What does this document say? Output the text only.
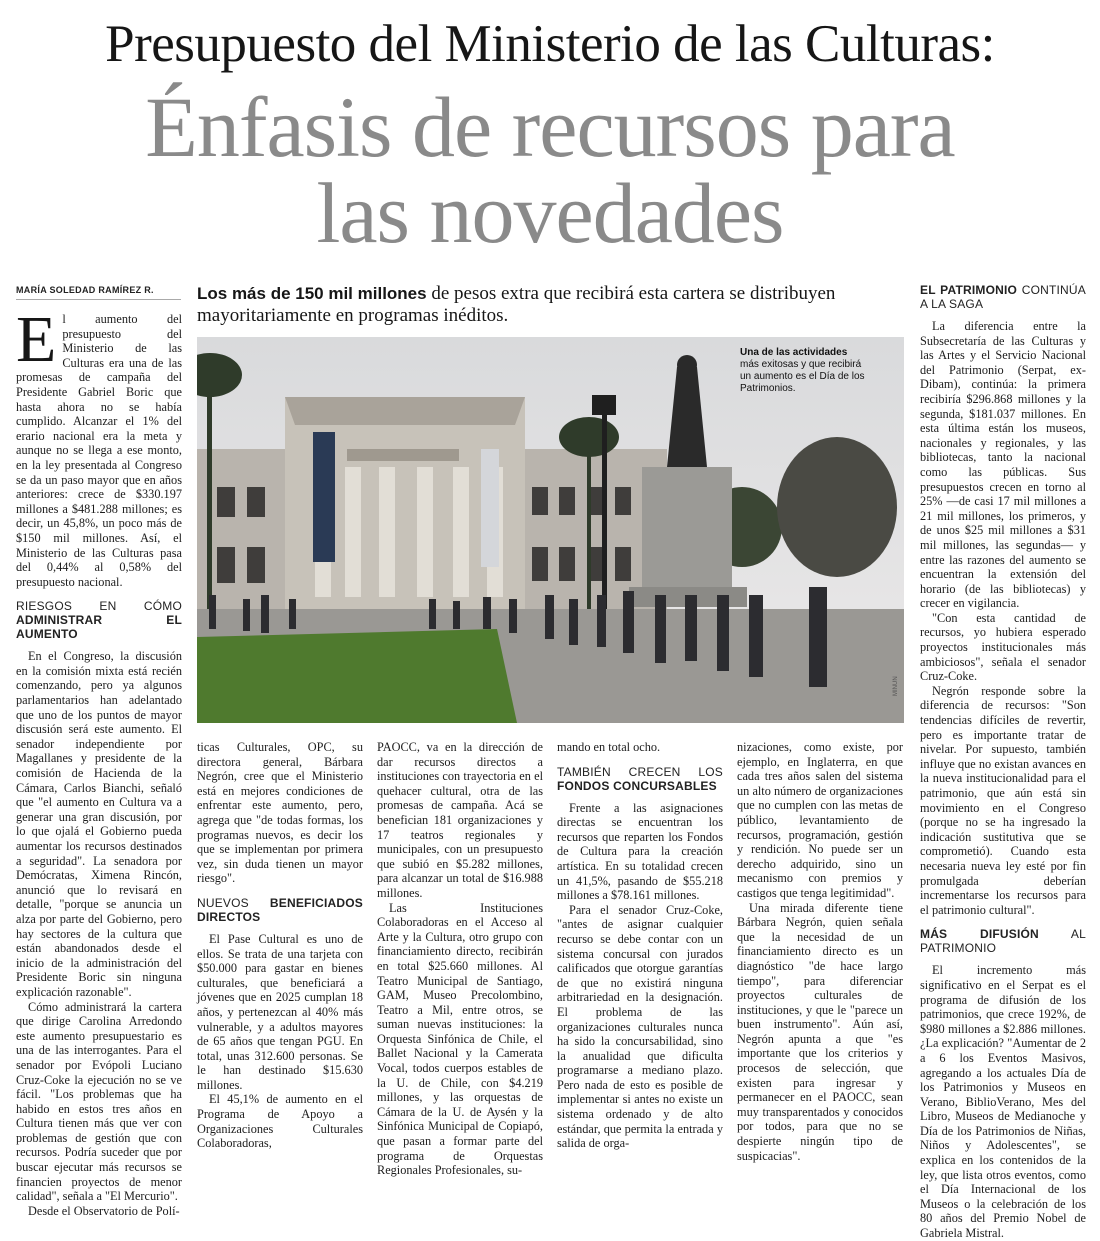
Presupuesto del Ministerio de las Culturas:
Énfasis de recursos para
las novedades
MARÍA SOLEDAD RAMÍREZ R.	Los más de 150 mil millones de pesos extra que recibirá esta cartera se distribuyen mayoritariamente en programas inéditos.
Una de las actividades más exitosas y que recibirá un aumento es el Día de los Patrimonios.
MINUN

El aumento del presupuesto del Ministerio de las Culturas era una de las promesas de campaña del Presidente Gabriel Boric que hasta ahora no se había cumplido. Alcanzar el 1% del erario nacional era la meta y aunque no se llega a ese monto, en la ley presentada al Congreso se da un paso mayor que en años anteriores: crece de $330.197 millones a $481.288 millones; es decir, un 45,8%, un poco más de $150 mil millones. Así, el Ministerio de las Culturas pasa del 0,44% al 0,58% del presupuesto nacional.

RIESGOS EN CÓMO ADMINISTRAR EL AUMENTO

En el Congreso, la discusión en la comisión mixta está recién comenzando, pero ya algunos parlamentarios han adelantado que uno de los puntos de mayor discusión será este aumento. El senador independiente por Magallanes y presidente de la comisión de Hacienda de la Cámara, Carlos Bianchi, señaló que "el aumento en Cultura va a generar una gran discusión, por lo que ojalá el Gobierno pueda aumentar los recursos destinados a seguridad". La senadora por Demócratas, Ximena Rincón, anunció que lo revisará en detalle, "porque se anuncia un alza por parte del Gobierno, pero hay sectores de la cultura que están abandonados desde el inicio de la administración del Presidente Boric sin ninguna explicación razonable".

Cómo administrará la cartera que dirige Carolina Arredondo este aumento presupuestario es una de las interrogantes. Para el senador por Evópoli Luciano Cruz-Coke la ejecución no se ve fácil. "Los problemas que ha habido en estos tres años en Cultura tienen más que ver con problemas de gestión que con recursos. Podría suceder que por buscar ejecutar más recursos se financien proyectos de menor calidad", señala a "El Mercurio".

Desde el Observatorio de Polí-

ticas Culturales, OPC, su directora general, Bárbara Negrón, cree que el Ministerio está en mejores condiciones de enfrentar este aumento, pero, agrega que "de todas formas, los programas nuevos, es decir los que se implementan por primera vez, sin duda tienen un mayor riesgo".

NUEVOS BENEFICIADOS DIRECTOS

El Pase Cultural es uno de ellos. Se trata de una tarjeta con $50.000 para gastar en bienes culturales, que beneficiará a jóvenes que en 2025 cumplan 18 años, y pertenezcan al 40% más vulnerable, y a adultos mayores de 65 años que tengan PGU. En total, unas 312.600 personas. Se le han destinado $15.630 millones.

El 45,1% de aumento en el Programa de Apoyo a Organizaciones Culturales Colaboradoras,

PAOCC, va en la dirección de dar recursos directos a instituciones con trayectoria en el quehacer cultural, otra de las promesas de campaña. Acá se benefician 181 organizaciones y 17 teatros regionales y municipales, con un presupuesto que subió en $5.282 millones, para alcanzar un total de $16.988 millones.

Las Instituciones Colaboradoras en el Acceso al Arte y la Cultura, otro grupo con financiamiento directo, recibirán en total $25.660 millones. Al Teatro Municipal de Santiago, GAM, Museo Precolombino, Teatro a Mil, entre otros, se suman nuevas instituciones: la Orquesta Sinfónica de Chile, el Ballet Nacional y la Camerata Vocal, todos cuerpos estables de la U. de Chile, con $4.219 millones, y las orquestas de Cámara de la U. de Aysén y la Sinfónica Municipal de Copiapó, que pasan a formar parte del programa de Orquestas Regionales Profesionales, su-

mando en total ocho.

TAMBIÉN CRECEN LOS FONDOS CONCURSABLES

Frente a las asignaciones directas se encuentran los recursos que reparten los Fondos de Cultura para la creación artística. En su totalidad crecen un 41,5%, pasando de $55.218 millones a $78.161 millones.

Para el senador Cruz-Coke, "antes de asignar cualquier recurso se debe contar con un sistema concursal con jurados calificados que otorgue garantías de que no existirá ninguna arbitrariedad en la designación. El problema de las organizaciones culturales nunca ha sido la concursabilidad, sino la anualidad que dificulta programarse a mediano plazo. Pero nada de esto es posible de implementar si antes no existe un sistema ordenado y de alto estándar, que permita la entrada y salida de orga-

nizaciones, como existe, por ejemplo, en Inglaterra, en que cada tres años salen del sistema un alto número de organizaciones que no cumplen con las metas de público, levantamiento de recursos, programación, gestión y rendición. No puede ser un derecho adquirido, sino un mecanismo con premios y castigos que tenga legitimidad".

Una mirada diferente tiene Bárbara Negrón, quien señala que la necesidad de un financiamiento directo es un diagnóstico "de hace largo tiempo", para diferenciar proyectos culturales de instituciones, y que le "parece un buen instrumento". Aún así, Negrón apunta a que "es importante que los criterios y procesos de selección, que existen para ingresar y permanecer en el PAOCC, sean muy transparentados y conocidos por todos, para que no se despierte ningún tipo de suspicacias".

EL PATRIMONIO CONTINÚA A LA SAGA

La diferencia entre la Subsecretaría de las Culturas y las Artes y el Servicio Nacional del Patrimonio (Serpat, ex-Dibam), continúa: la primera recibiría $296.868 millones y la segunda, $181.037 millones. En esta última están los museos, nacionales y regionales, y las bibliotecas, tanto la nacional como las públicas. Sus presupuestos crecen en torno al 25% —de casi 17 mil millones a 21 mil millones, los primeros, y de unos $25 mil millones a $31 mil millones, las segundas— y entre las razones del aumento se encuentran la extensión del horario (de las bibliotecas) y crecer en vigilancia.

"Con esta cantidad de recursos, yo hubiera esperado proyectos institucionales más ambiciosos", señala el senador Cruz-Coke.

Negrón responde sobre la diferencia de recursos: "Son tendencias difíciles de revertir, pero es importante tratar de nivelar. Por supuesto, también influye que no existan avances en la nueva institucionalidad para el patrimonio, que aún está sin movimiento en el Congreso (porque no se ha ingresado la indicación sustitutiva que se comprometió). Cuando esta necesaria nueva ley esté por fin promulgada deberían incrementarse los recursos para el patrimonio cultural".

MÁS DIFUSIÓN AL PATRIMONIO

El incremento más significativo en el Serpat es el programa de difusión de los patrimonios, que crece 192%, de $980 millones a $2.886 millones. ¿La explicación? "Aumentar de 2 a 6 los Eventos Masivos, agregando a los actuales Día de los Patrimonios y Museos en Verano, BiblioVerano, Mes del Libro, Museos de Medianoche y Día de los Patrimonios de Niñas, Niños y Adolescentes", se explica en los contenidos de la ley, que lista otros eventos, como el Día Internacional de los Museos o la celebración de los 80 años del Premio Nobel de Gabriela Mistral.
